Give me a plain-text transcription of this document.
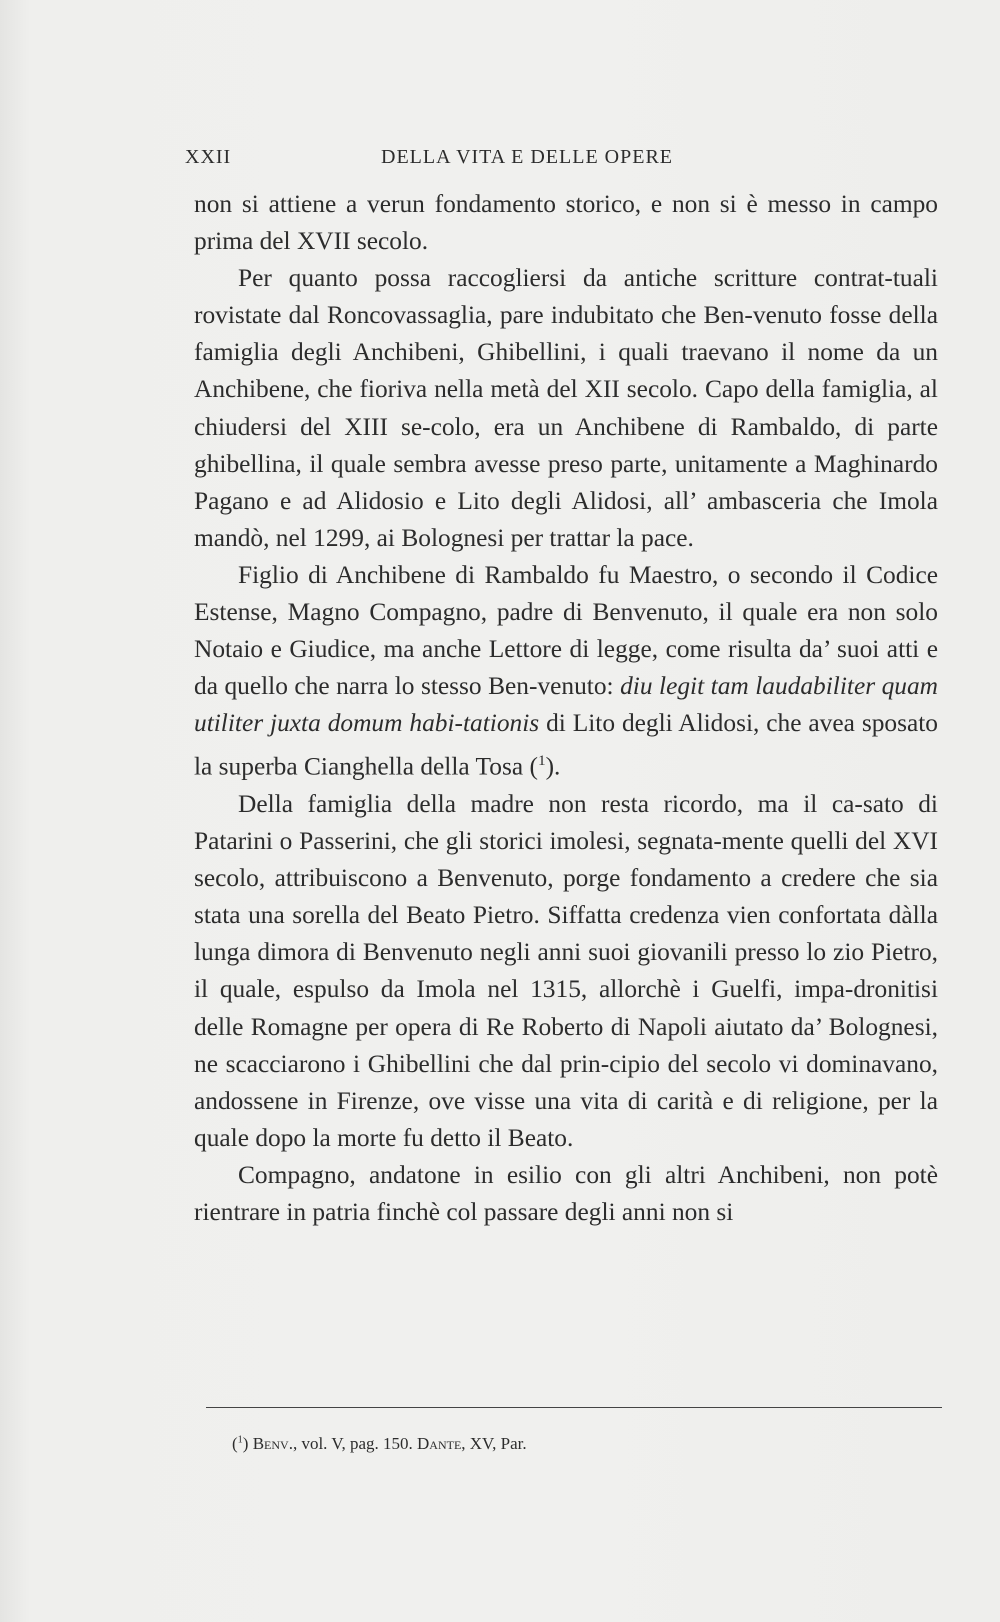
XXII	DELLA VITA E DELLE OPERE

non si attiene a verun fondamento storico, e non si è messo in campo prima del XVII secolo.

Per quanto possa raccogliersi da antiche scritture contrat-tuali rovistate dal Roncovassaglia, pare indubitato che Ben-venuto fosse della famiglia degli Anchibeni, Ghibellini, i quali traevano il nome da un Anchibene, che fioriva nella metà del XII secolo. Capo della famiglia, al chiudersi del XIII se-colo, era un Anchibene di Rambaldo, di parte ghibellina, il quale sembra avesse preso parte, unitamente a Maghinardo Pagano e ad Alidosio e Lito degli Alidosi, all’ ambasceria che Imola mandò, nel 1299, ai Bolognesi per trattar la pace.

Figlio di Anchibene di Rambaldo fu Maestro, o secondo il Codice Estense, Magno Compagno, padre di Benvenuto, il quale era non solo Notaio e Giudice, ma anche Lettore di legge, come risulta da’ suoi atti e da quello che narra lo stesso Ben-venuto: diu legit tam laudabiliter quam utiliter juxta domum habi-tationis di Lito degli Alidosi, che avea sposato la superba Cianghella della Tosa ($^1$).

Della famiglia della madre non resta ricordo, ma il ca-sato di Patarini o Passerini, che gli storici imolesi, segnata-mente quelli del XVI secolo, attribuiscono a Benvenuto, porge fondamento a credere che sia stata una sorella del Beato Pietro. Siffatta credenza vien confortata dàlla lunga dimora di Benvenuto negli anni suoi giovanili presso lo zio Pietro, il quale, espulso da Imola nel 1315, allorchè i Guelfi, impa-dronitisi delle Romagne per opera di Re Roberto di Napoli aiutato da’ Bolognesi, ne scacciarono i Ghibellini che dal prin-cipio del secolo vi dominavano, andossene in Firenze, ove visse una vita di carità e di religione, per la quale dopo la morte fu detto il Beato.

Compagno, andatone in esilio con gli altri Anchibeni, non potè rientrare in patria finchè col passare degli anni non si

($^1$) Benv., vol. V, pag. 150. Dante, XV, Par.
